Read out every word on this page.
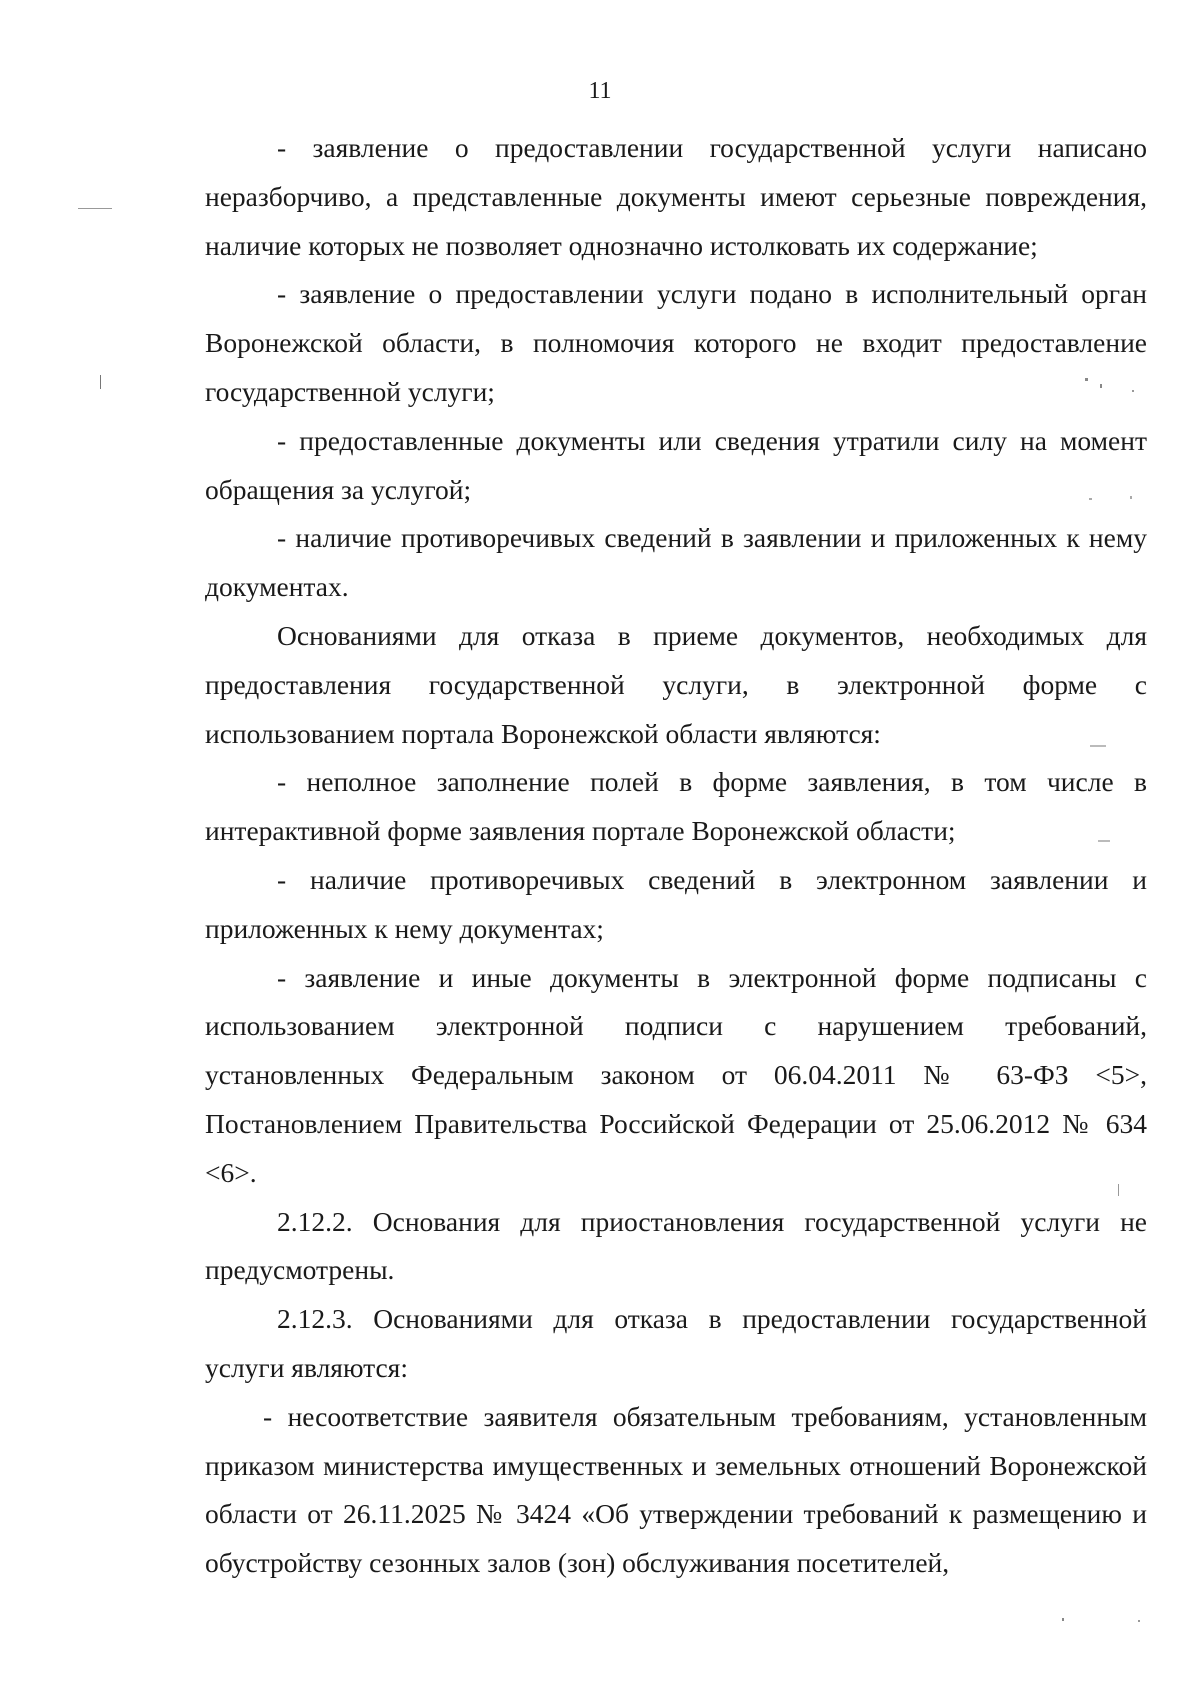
11

- заявление о предоставлении государственной услуги написано неразборчиво, а представленные документы имеют серьезные повреждения, наличие которых не позволяет однозначно истолковать их содержание;

- заявление о предоставлении услуги подано в исполнительный орган Воронежской области, в полномочия которого не входит предоставление государственной услуги;

- предоставленные документы или сведения утратили силу на момент обращения за услугой;

- наличие противоречивых сведений в заявлении и приложенных к нему документах.

Основаниями для отказа в приеме документов, необходимых для предоставления государственной услуги, в электронной форме с использованием портала Воронежской области являются:

- неполное заполнение полей в форме заявления, в том числе в интерактивной форме заявления портале Воронежской области;

- наличие противоречивых сведений в электронном заявлении и приложенных к нему документах;

- заявление и иные документы в электронной форме подписаны с использованием электронной подписи с нарушением требований, установленных Федеральным законом от 06.04.2011 № 63-ФЗ <5>, Постановлением Правительства Российской Федерации от 25.06.2012 № 634 <6>.

2.12.2. Основания для приостановления государственной услуги не предусмотрены.

2.12.3. Основаниями для отказа в предоставлении государственной услуги являются:

- несоответствие заявителя обязательным требованиям, установленным приказом министерства имущественных и земельных отношений Воронежской области от 26.11.2025 № 3424 «Об утверждении требований к размещению и обустройству сезонных залов (зон) обслуживания посетителей,
